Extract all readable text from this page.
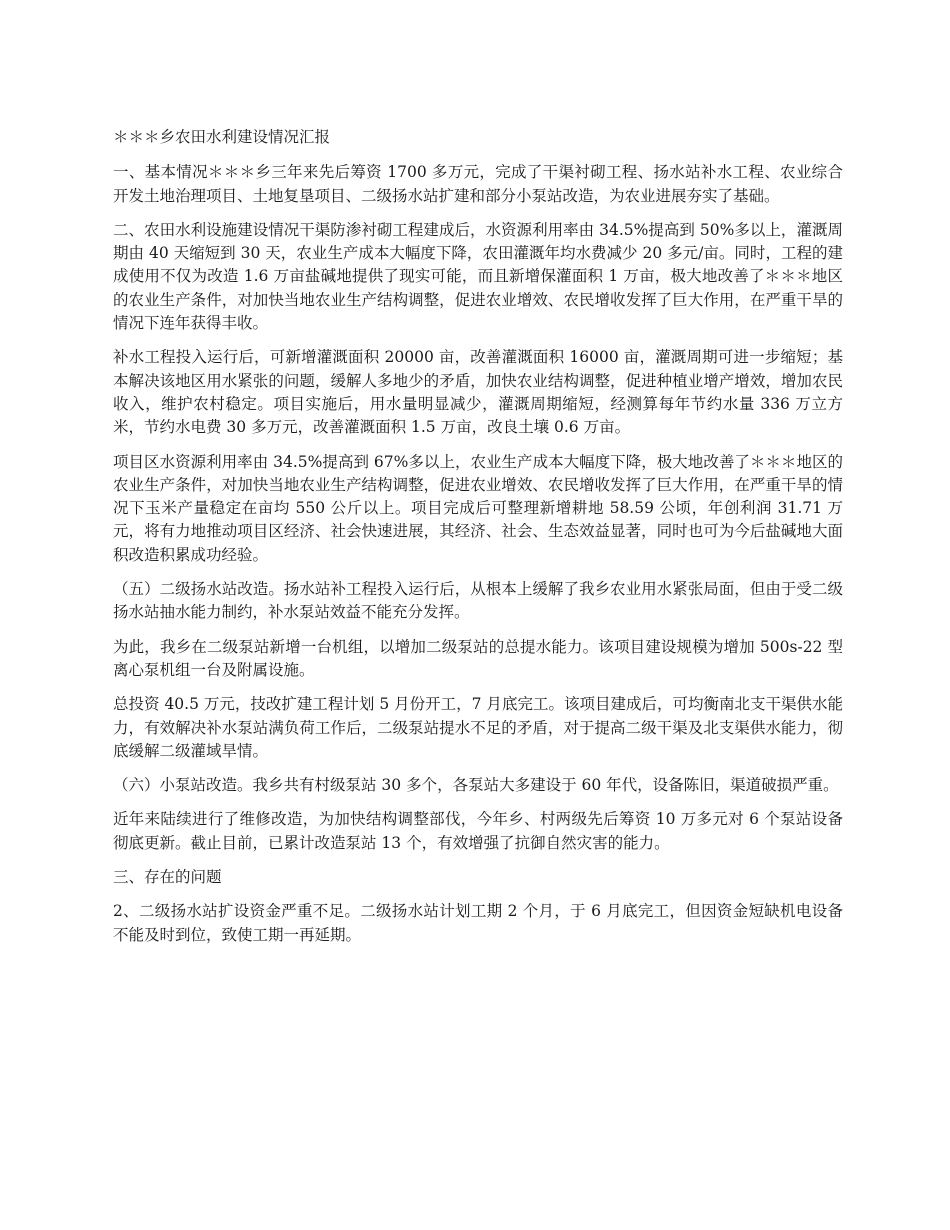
＊＊＊乡农田水利建设情况汇报

一、基本情况＊＊＊乡三年来先后筹资 1700 多万元，完成了干渠衬砌工程、扬水站补水工程、农业综合开发土地治理项目、土地复垦项目、二级扬水站扩建和部分小泵站改造，为农业进展夯实了基础。

二、农田水利设施建设情况干渠防渗衬砌工程建成后，水资源利用率由 34.5%提高到 50%多以上，灌溉周期由 40 天缩短到 30 天，农业生产成本大幅度下降，农田灌溉年均水费减少 20 多元/亩。同时，工程的建成使用不仅为改造 1.6 万亩盐碱地提供了现实可能，而且新增保灌面积 1 万亩，极大地改善了＊＊＊地区的农业生产条件，对加快当地农业生产结构调整，促进农业增效、农民增收发挥了巨大作用，在严重干旱的情况下连年获得丰收。

补水工程投入运行后，可新增灌溉面积 20000 亩，改善灌溉面积 16000 亩，灌溉周期可进一步缩短；基本解决该地区用水紧张的问题，缓解人多地少的矛盾，加快农业结构调整，促进种植业增产增效，增加农民收入，维护农村稳定。项目实施后，用水量明显减少，灌溉周期缩短，经测算每年节约水量 336 万立方米，节约水电费 30 多万元，改善灌溉面积 1.5 万亩，改良土壤 0.6 万亩。

项目区水资源利用率由 34.5%提高到 67%多以上，农业生产成本大幅度下降，极大地改善了＊＊＊地区的农业生产条件，对加快当地农业生产结构调整，促进农业增效、农民增收发挥了巨大作用，在严重干旱的情况下玉米产量稳定在亩均 550 公斤以上。项目完成后可整理新增耕地 58.59 公顷，年创利润 31.71 万元，将有力地推动项目区经济、社会快速进展，其经济、社会、生态效益显著，同时也可为今后盐碱地大面积改造积累成功经验。

（五）二级扬水站改造。扬水站补工程投入运行后，从根本上缓解了我乡农业用水紧张局面，但由于受二级扬水站抽水能力制约，补水泵站效益不能充分发挥。

为此，我乡在二级泵站新增一台机组，以增加二级泵站的总提水能力。该项目建设规模为增加 500s-22 型离心泵机组一台及附属设施。

总投资 40.5 万元，技改扩建工程计划 5 月份开工，7 月底完工。该项目建成后，可均衡南北支干渠供水能力，有效解决补水泵站满负荷工作后，二级泵站提水不足的矛盾，对于提高二级干渠及北支渠供水能力，彻底缓解二级灌域旱情。

（六）小泵站改造。我乡共有村级泵站 30 多个，各泵站大多建设于 60 年代，设备陈旧，渠道破损严重。

近年来陆续进行了维修改造，为加快结构调整部伐，今年乡、村两级先后筹资 10 万多元对 6 个泵站设备彻底更新。截止目前，已累计改造泵站 13 个，有效增强了抗御自然灾害的能力。

三、存在的问题

2、二级扬水站扩设资金严重不足。二级扬水站计划工期 2 个月，于 6 月底完工，但因资金短缺机电设备不能及时到位，致使工期一再延期。
